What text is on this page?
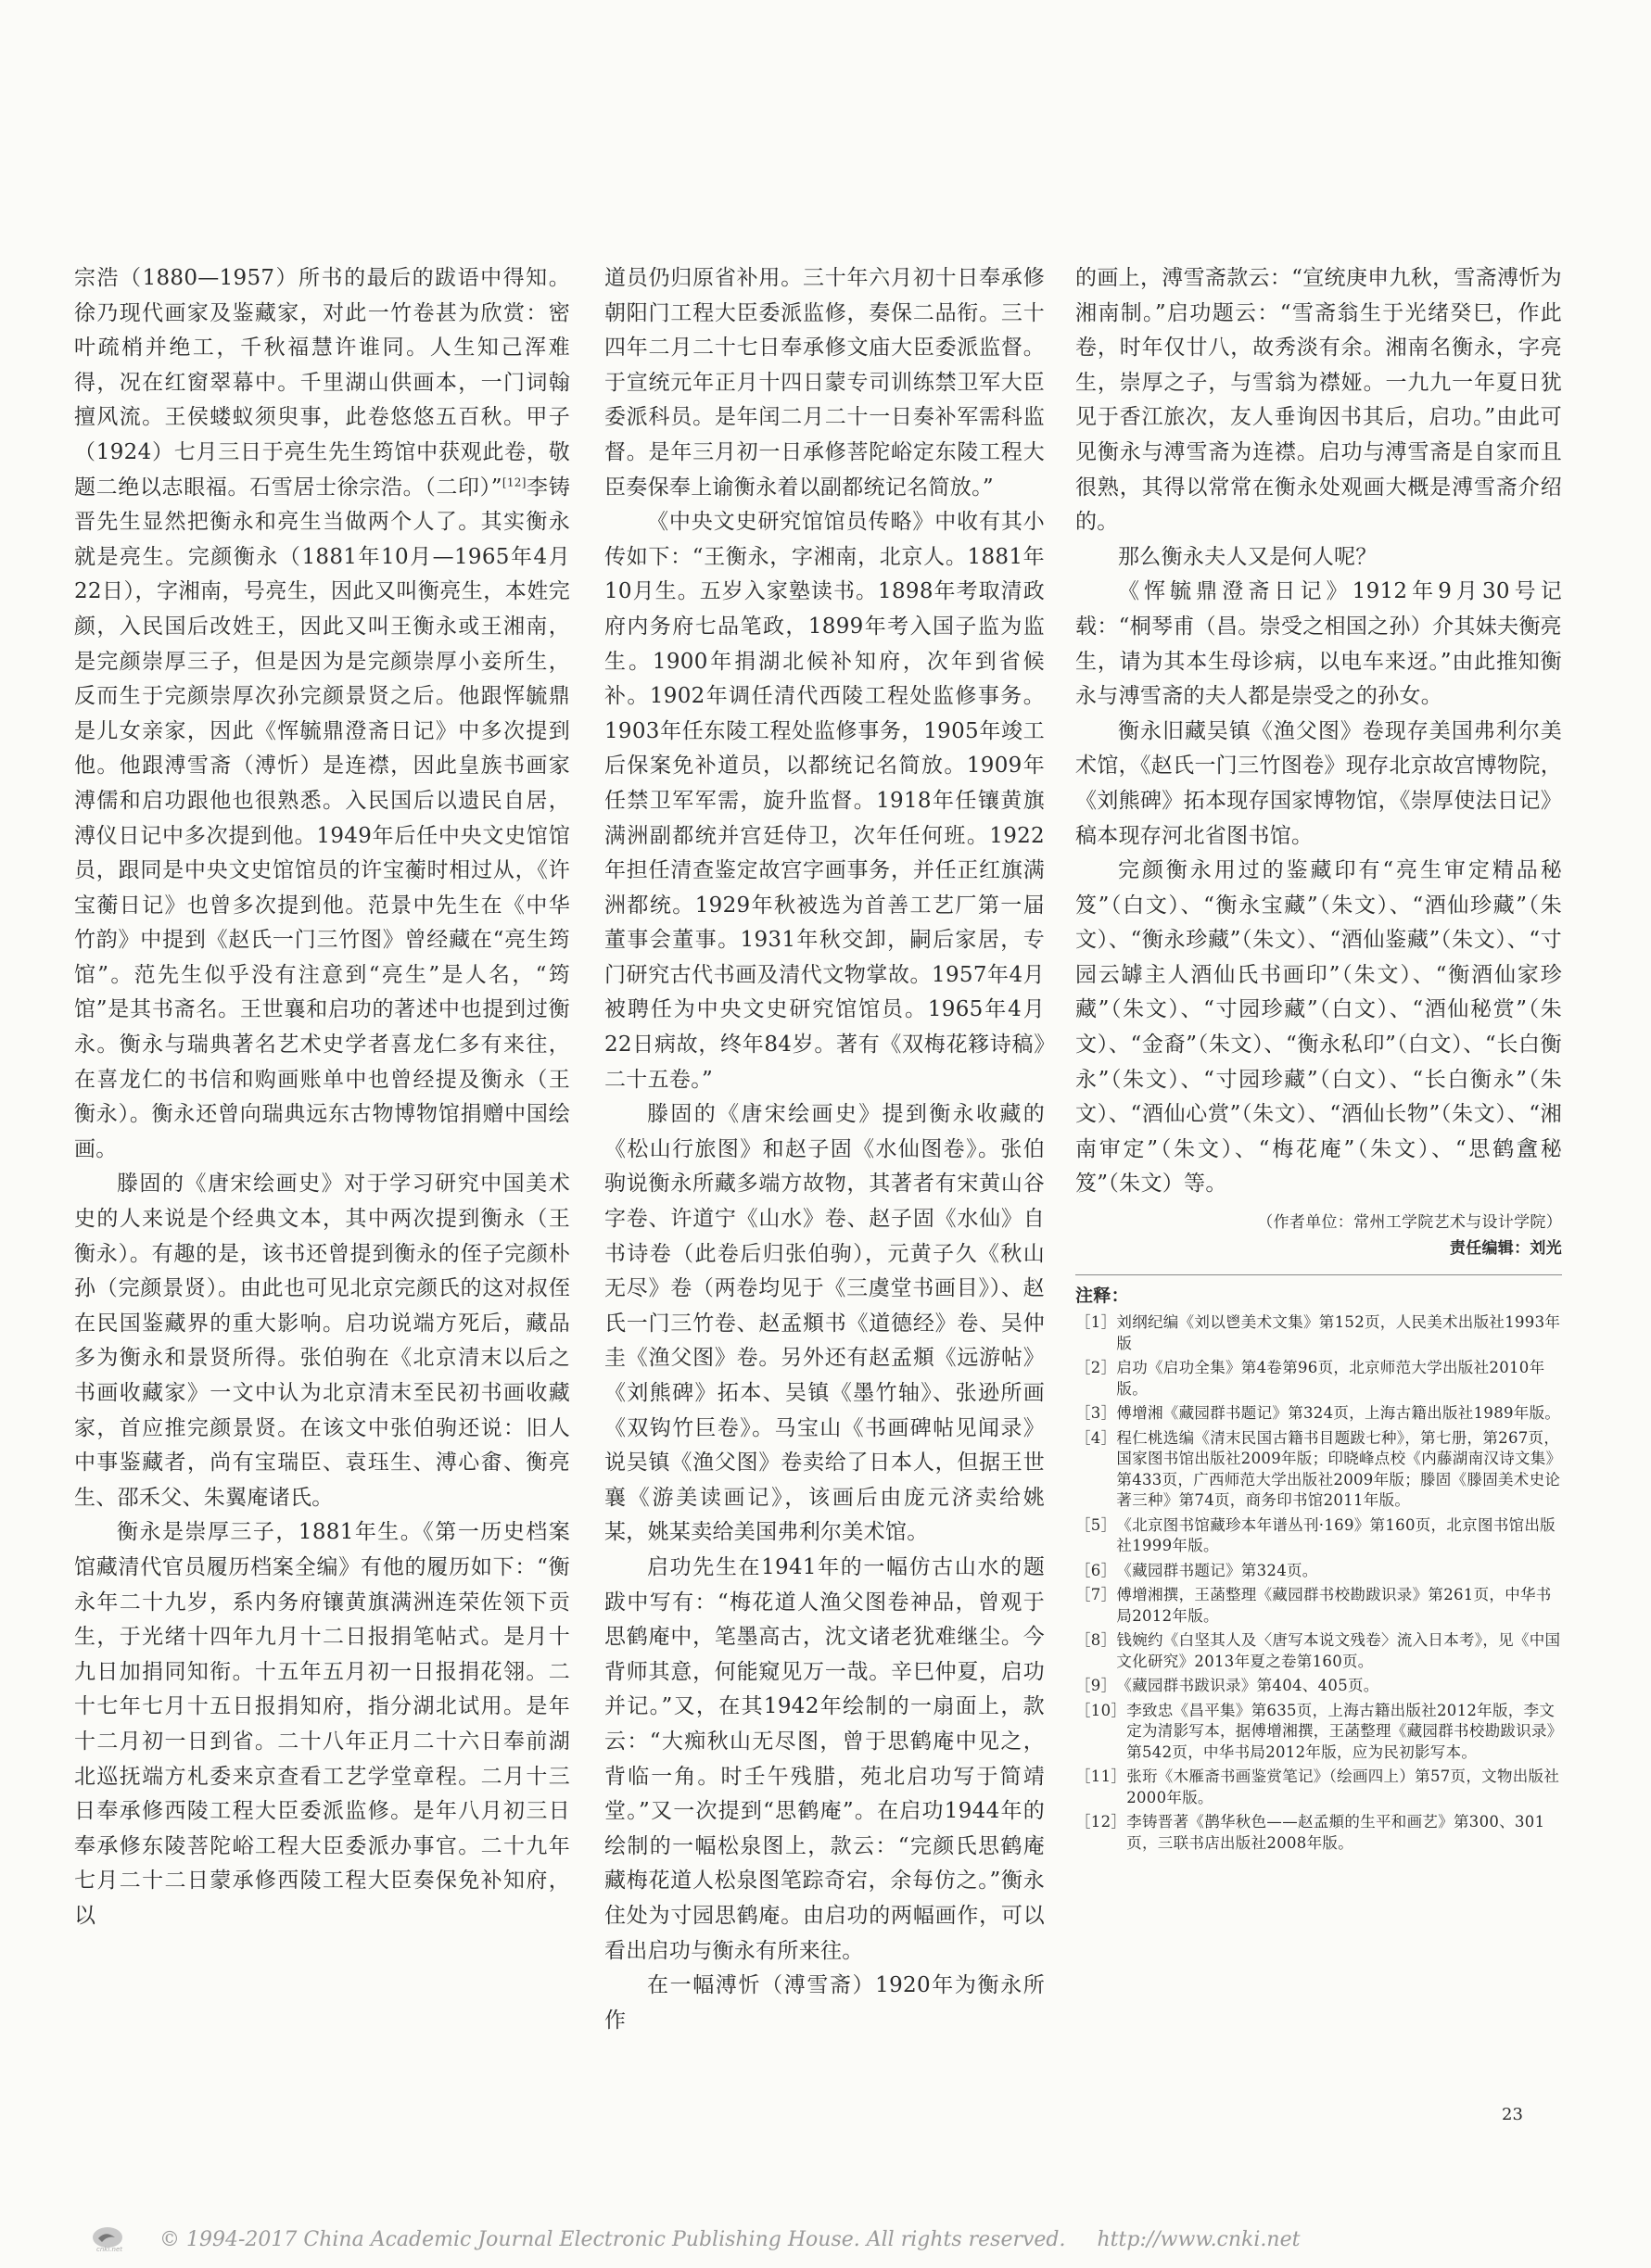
宗浩（1880—1957）所书的最后的跋语中得知。徐乃现代画家及鉴藏家，对此一竹卷甚为欣赏：密叶疏梢并绝工，千秋福慧许谁同。人生知己浑难得，况在红窗翠幕中。千里湖山供画本，一门词翰擅风流。王侯蝼蚁须臾事，此卷悠悠五百秋。甲子（1924）七月三日于亮生先生筠馆中获观此卷，敬题二绝以志眼福。石雪居士徐宗浩。（二印）”[12]李铸晋先生显然把衡永和亮生当做两个人了。其实衡永就是亮生。完颜衡永（1881年10月—1965年4月22日），字湘南，号亮生，因此又叫衡亮生，本姓完颜，入民国后改姓王，因此又叫王衡永或王湘南，是完颜崇厚三子，但是因为是完颜崇厚小妾所生，反而生于完颜崇厚次孙完颜景贤之后。他跟恽毓鼎是儿女亲家，因此《恽毓鼎澄斋日记》中多次提到他。他跟溥雪斋（溥忻）是连襟，因此皇族书画家溥儒和启功跟他也很熟悉。入民国后以遗民自居，溥仪日记中多次提到他。1949年后任中央文史馆馆员，跟同是中央文史馆馆员的许宝蘅时相过从，《许宝蘅日记》也曾多次提到他。范景中先生在《中华竹韵》中提到《赵氏一门三竹图》曾经藏在“亮生筠馆”。范先生似乎没有注意到“亮生”是人名，“筠馆”是其书斋名。王世襄和启功的著述中也提到过衡永。衡永与瑞典著名艺术史学者喜龙仁多有来往，在喜龙仁的书信和购画账单中也曾经提及衡永（王衡永）。衡永还曾向瑞典远东古物博物馆捐赠中国绘画。

滕固的《唐宋绘画史》对于学习研究中国美术史的人来说是个经典文本，其中两次提到衡永（王衡永）。有趣的是，该书还曾提到衡永的侄子完颜朴孙（完颜景贤）。由此也可见北京完颜氏的这对叔侄在民国鉴藏界的重大影响。启功说端方死后，藏品多为衡永和景贤所得。张伯驹在《北京清末以后之书画收藏家》一文中认为北京清末至民初书画收藏家，首应推完颜景贤。在该文中张伯驹还说：旧人中事鉴藏者，尚有宝瑞臣、袁珏生、溥心畬、衡亮生、邵禾父、朱翼庵诸氏。

衡永是崇厚三子，1881年生。《第一历史档案馆藏清代官员履历档案全编》有他的履历如下：“衡永年二十九岁，系内务府镶黄旗满洲连荣佐领下贡生，于光绪十四年九月十二日报捐笔帖式。是月十九日加捐同知衔。十五年五月初一日报捐花翎。二十七年七月十五日报捐知府，指分湖北试用。是年十二月初一日到省。二十八年正月二十六日奉前湖北巡抚端方札委来京查看工艺学堂章程。二月十三日奉承修西陵工程大臣委派监修。是年八月初三日奉承修东陵菩陀峪工程大臣委派办事官。二十九年七月二十二日蒙承修西陵工程大臣奏保免补知府，以

道员仍归原省补用。三十年六月初十日奉承修朝阳门工程大臣委派监修，奏保二品衔。三十四年二月二十七日奉承修文庙大臣委派监督。于宣统元年正月十四日蒙专司训练禁卫军大臣委派科员。是年闰二月二十一日奏补军需科监督。是年三月初一日承修菩陀峪定东陵工程大臣奏保奉上谕衡永着以副都统记名简放。”

《中央文史研究馆馆员传略》中收有其小传如下：“王衡永，字湘南，北京人。1881年10月生。五岁入家塾读书。1898年考取清政府内务府七品笔政，1899年考入国子监为监生。1900年捐湖北候补知府，次年到省候补。1902年调任清代西陵工程处监修事务。1903年任东陵工程处监修事务，1905年竣工后保案免补道员，以都统记名简放。1909年任禁卫军军需，旋升监督。1918年任镶黄旗满洲副都统并宫廷侍卫，次年任何班。1922年担任清查鉴定故宫字画事务，并任正红旗满洲都统。1929年秋被选为首善工艺厂第一届董事会董事。1931年秋交卸，嗣后家居，专门研究古代书画及清代文物掌故。1957年4月被聘任为中央文史研究馆馆员。1965年4月22日病故，终年84岁。著有《双梅花簃诗稿》二十五卷。”

滕固的《唐宋绘画史》提到衡永收藏的《松山行旅图》和赵子固《水仙图卷》。张伯驹说衡永所藏多端方故物，其著者有宋黄山谷字卷、许道宁《山水》卷、赵子固《水仙》自书诗卷（此卷后归张伯驹），元黄子久《秋山无尽》卷（两卷均见于《三虞堂书画目》）、赵氏一门三竹卷、赵孟頫书《道德经》卷、吴仲圭《渔父图》卷。另外还有赵孟頫《远游帖》《刘熊碑》拓本、吴镇《墨竹轴》、张逊所画《双钩竹巨卷》。马宝山《书画碑帖见闻录》说吴镇《渔父图》卷卖给了日本人，但据王世襄《游美读画记》，该画后由庞元济卖给姚某，姚某卖给美国弗利尔美术馆。

启功先生在1941年的一幅仿古山水的题跋中写有：“梅花道人渔父图卷神品，曾观于思鹤庵中，笔墨高古，沈文诸老犹难继尘。今背师其意，何能窥见万一哉。辛巳仲夏，启功并记。”又，在其1942年绘制的一扇面上，款云：“大痴秋山无尽图，曾于思鹤庵中见之，背临一角。时壬午残腊，苑北启功写于简靖堂。”又一次提到“思鹤庵”。在启功1944年的绘制的一幅松泉图上，款云：“完颜氏思鹤庵藏梅花道人松泉图笔踪奇宕，余每仿之。”衡永住处为寸园思鹤庵。由启功的两幅画作，可以看出启功与衡永有所来往。

在一幅溥忻（溥雪斋）1920年为衡永所作

的画上，溥雪斋款云：“宣统庚申九秋，雪斋溥忻为湘南制。”启功题云：“雪斋翁生于光绪癸巳，作此卷，时年仅廿八，故秀淡有余。湘南名衡永，字亮生，崇厚之子，与雪翁为襟娅。一九九一年夏日犹见于香江旅次，友人垂询因书其后，启功。”由此可见衡永与溥雪斋为连襟。启功与溥雪斋是自家而且很熟，其得以常常在衡永处观画大概是溥雪斋介绍的。

那么衡永夫人又是何人呢？

《恽毓鼎澄斋日记》1912年9月30号记载：“桐琴甫（昌。崇受之相国之孙）介其妹夫衡亮生，请为其本生母诊病，以电车来迓。”由此推知衡永与溥雪斋的夫人都是崇受之的孙女。

衡永旧藏吴镇《渔父图》卷现存美国弗利尔美术馆，《赵氏一门三竹图卷》现存北京故宫博物院，《刘熊碑》拓本现存国家博物馆，《崇厚使法日记》稿本现存河北省图书馆。

完颜衡永用过的鉴藏印有“亮生审定精品秘笈”（白文）、“衡永宝藏”（朱文）、“酒仙珍藏”（朱文）、“衡永珍藏”（朱文）、“酒仙鉴藏”（朱文）、“寸园云罅主人酒仙氏书画印”（朱文）、“衡酒仙家珍藏”（朱文）、“寸园珍藏”（白文）、“酒仙秘赏”（朱文）、“金裔”（朱文）、“衡永私印”（白文）、“长白衡永”（朱文）、“寸园珍藏”（白文）、“长白衡永”（朱文）、“酒仙心赏”（朱文）、“酒仙长物”（朱文）、“湘南审定”（朱文）、“梅花庵”（朱文）、“思鹤盦秘笈”（朱文）等。

（作者单位：常州工学院艺术与设计学院）

责任编辑：刘光

注释：

［1］ 刘纲纪编《刘以鬯美术文集》第152页，人民美术出版社1993年版
［2］ 启功《启功全集》第4卷第96页，北京师范大学出版社2010年版。
［3］ 傅增湘《藏园群书题记》第324页，上海古籍出版社1989年版。
［4］ 程仁桃选编《清末民国古籍书目题跋七种》，第七册，第267页，国家图书馆出版社2009年版；印晓峰点校《内藤湖南汉诗文集》第433页，广西师范大学出版社2009年版；滕固《滕固美术史论著三种》第74页，商务印书馆2011年版。
［5］ 《北京图书馆藏珍本年谱丛刊·169》第160页，北京图书馆出版社1999年版。
［6］ 《藏园群书题记》第324页。
［7］ 傅增湘撰，王菡整理《藏园群书校勘跋识录》第261页，中华书局2012年版。
［8］ 钱婉约《白坚其人及〈唐写本说文残卷〉流入日本考》，见《中国文化研究》2013年夏之卷第160页。
［9］ 《藏园群书跋识录》第404、405页。
［10］ 李致忠《昌平集》第635页，上海古籍出版社2012年版，李文定为清影写本，据傅增湘撰，王菡整理《藏园群书校勘跋识录》第542页，中华书局2012年版，应为民初影写本。
［11］ 张珩《木雁斋书画鉴赏笔记》（绘画四上）第57页，文物出版社2000年版。
［12］ 李铸晋著《鹊华秋色——赵孟頫的生平和画艺》第300、301页，三联书店出版社2008年版。
23
cnki.net © 1994-2017 China Academic Journal Electronic Publishing House. All rights reserved. http://www.cnki.net
